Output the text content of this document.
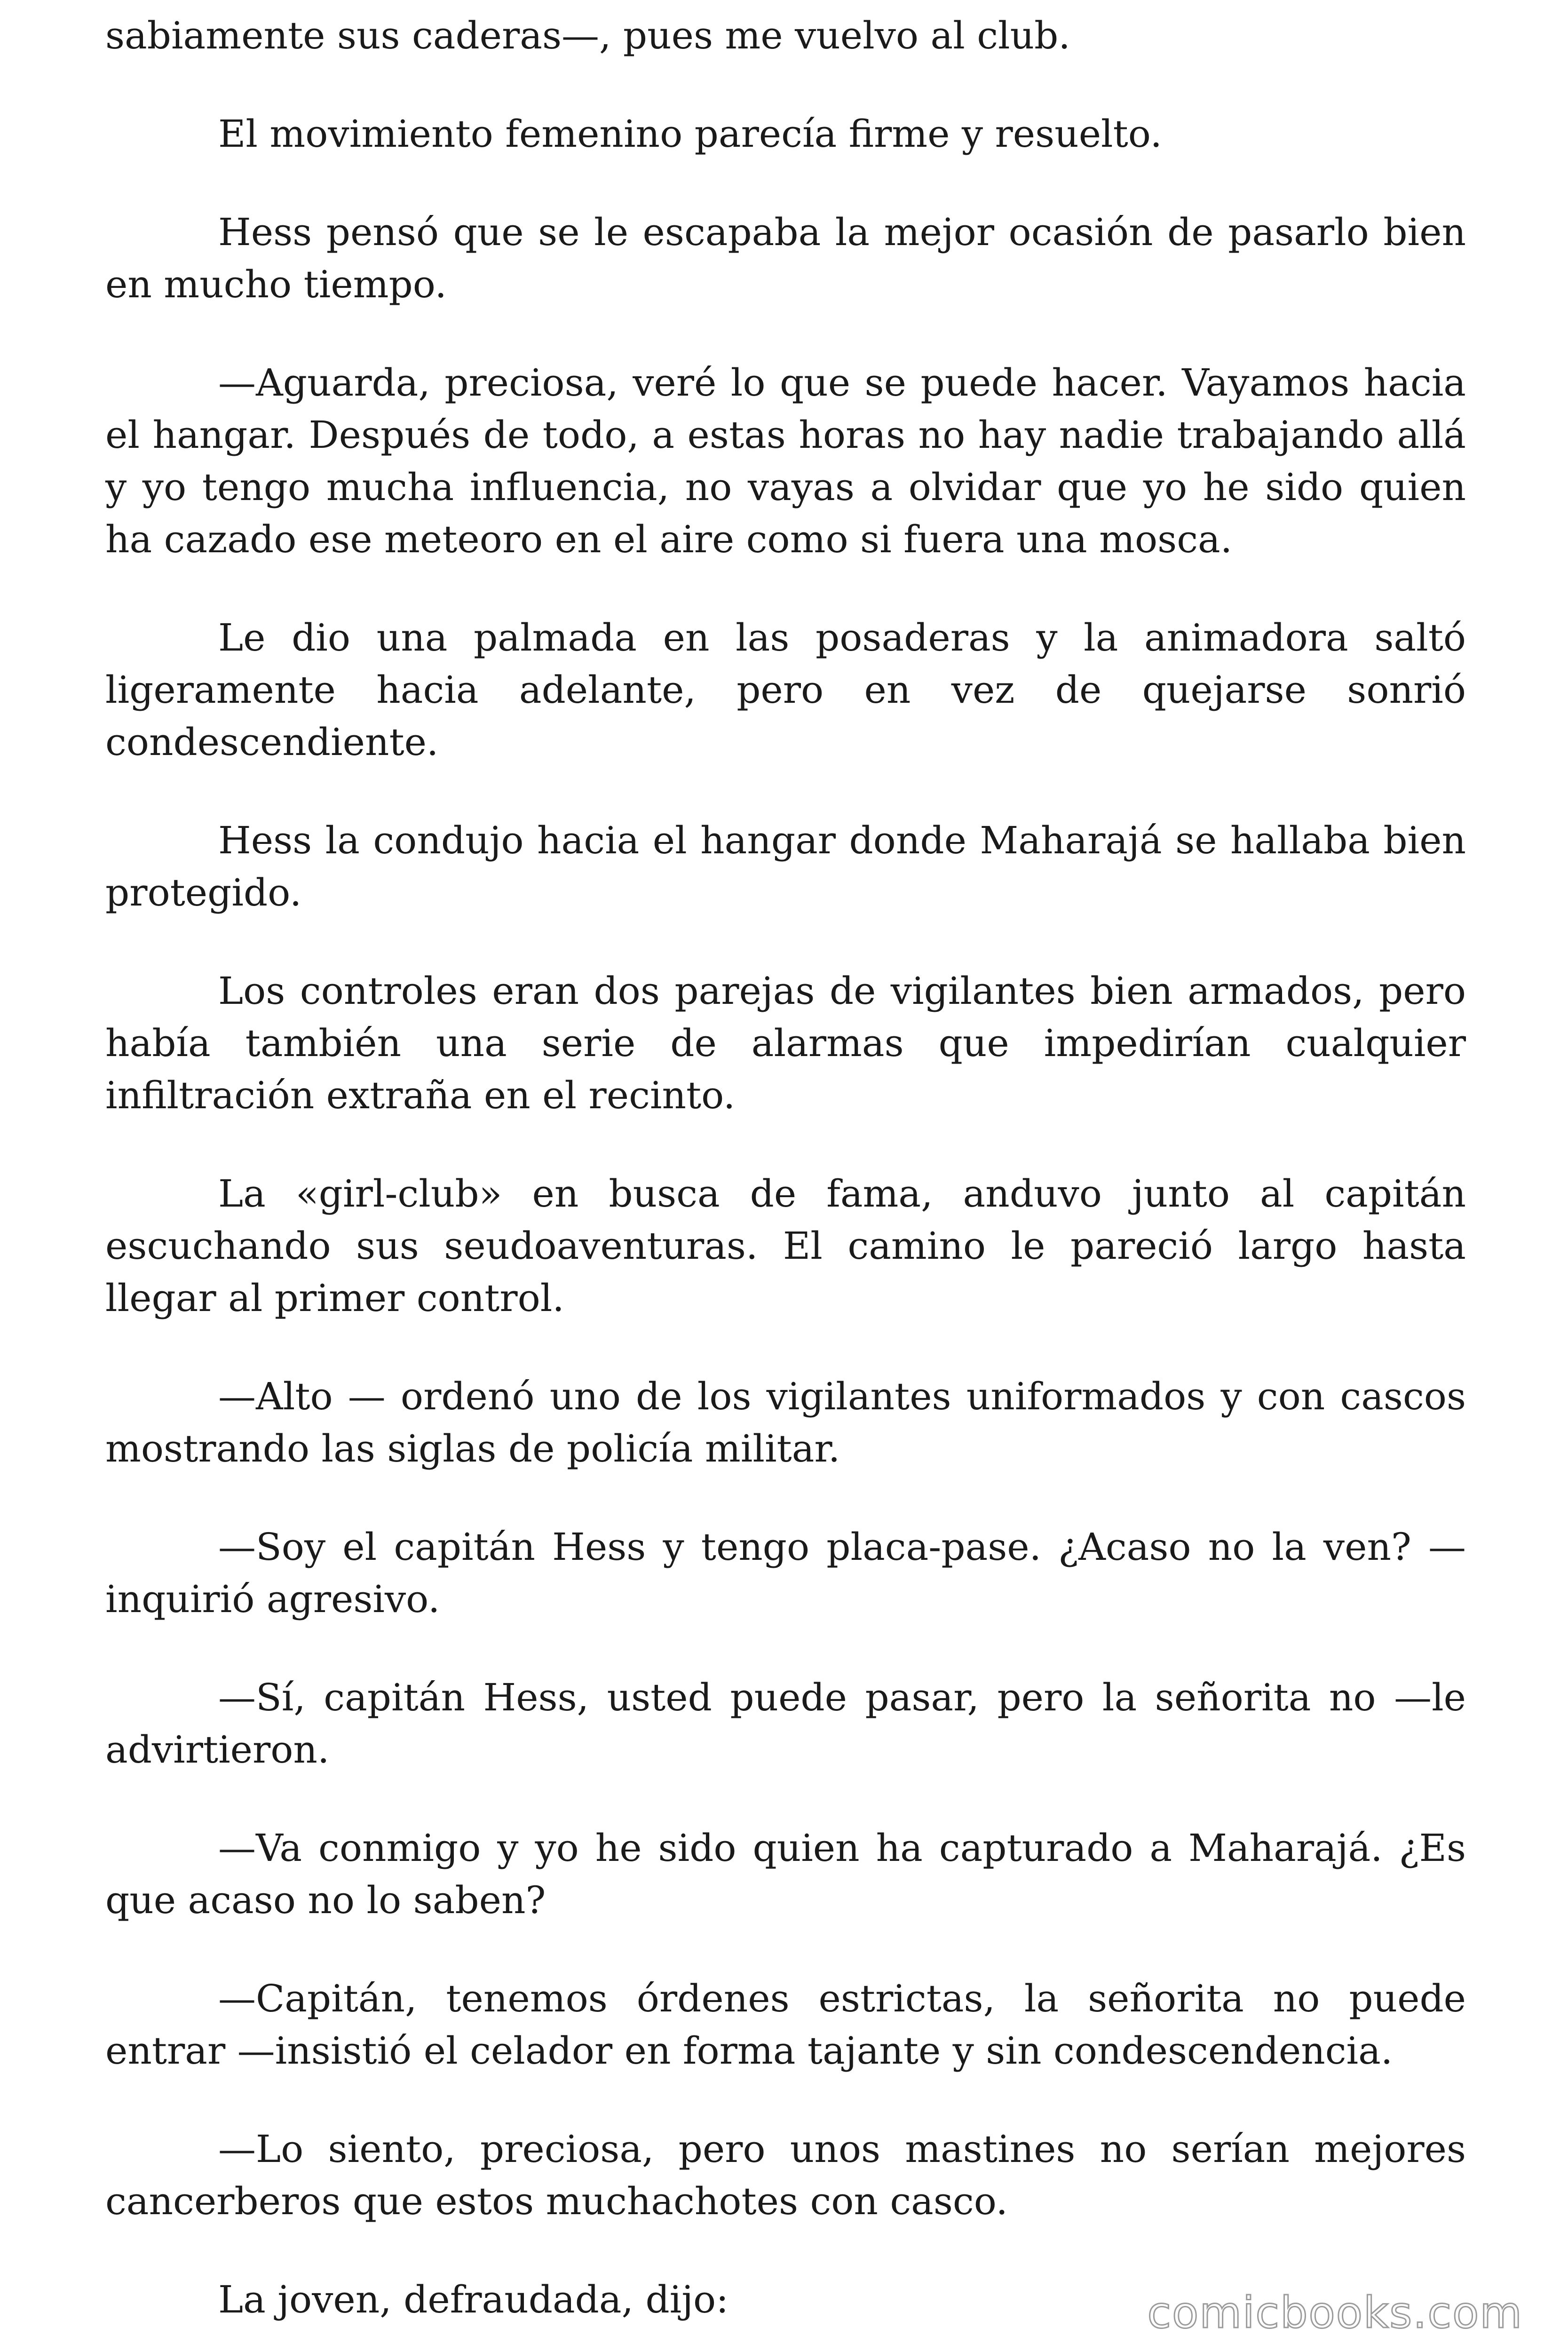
sabiamente sus caderas—, pues me vuelvo al club.

El movimiento femenino parecía firme y resuelto.

Hess pensó que se le escapaba la mejor ocasión de pasarlo bien en mucho tiempo.

—Aguarda, preciosa, veré lo que se puede hacer. Vayamos hacia el hangar. Después de todo, a estas horas no hay nadie trabajando allá y yo tengo mucha influencia, no vayas a olvidar que yo he sido quien ha cazado ese meteoro en el aire como si fuera una mosca.

Le dio una palmada en las posaderas y la animadora saltó ligeramente hacia adelante, pero en vez de quejarse sonrió condescendiente.

Hess la condujo hacia el hangar donde Maharajá se hallaba bien protegido.

Los controles eran dos parejas de vigilantes bien armados, pero había también una serie de alarmas que impedirían cualquier infiltración extraña en el recinto.

La «girl-club» en busca de fama, anduvo junto al capitán escuchando sus seudoaventuras. El camino le pareció largo hasta llegar al primer control.

—Alto — ordenó uno de los vigilantes uniformados y con cascos mostrando las siglas de policía militar.

—Soy el capitán Hess y tengo placa-pase. ¿Acaso no la ven? —inquirió agresivo.

—Sí, capitán Hess, usted puede pasar, pero la señorita no —le advirtieron.

—Va conmigo y yo he sido quien ha capturado a Maharajá. ¿Es que acaso no lo saben?

—Capitán, tenemos órdenes estrictas, la señorita no puede entrar —insistió el celador en forma tajante y sin condescendencia.

—Lo siento, preciosa, pero unos mastines no serían mejores cancerberos que estos muchachotes con casco.

La joven, defraudada, dijo:	comicbooks.com
